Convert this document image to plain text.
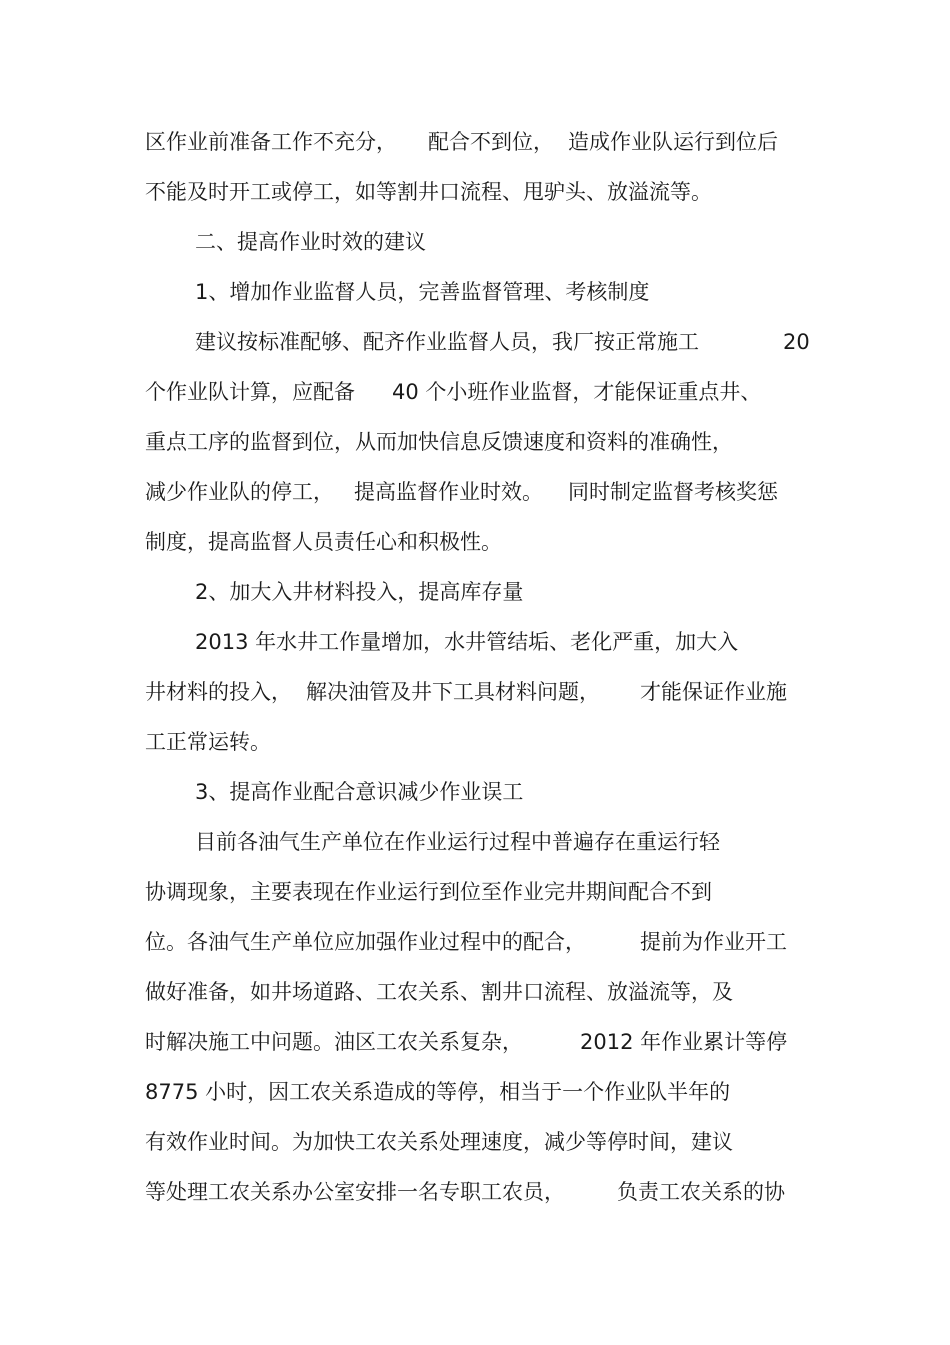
区作业前准备工作不充分，

配合不到位，

造成作业队运行到位后

不能及时开工或停工，如等割井口流程、甩驴头、放溢流等。

二、提高作业时效的建议

1、增加作业监督人员，完善监督管理、考核制度

建议按标准配够、配齐作业监督人员，我厂按正常施工

	20

个作业队计算，应配备

40 个小班作业监督，才能保证重点井、

重点工序的监督到位，从而加快信息反馈速度和资料的准确性，

减少作业队的停工，

提高监督作业时效。

同时制定监督考核奖惩

制度，提高监督人员责任心和积极性。

2、加大入井材料投入，提高库存量

2013 年水井工作量增加，水井管结垢、老化严重，加大入

井材料的投入，

解决油管及井下工具材料问题，

才能保证作业施

工正常运转。

3、提高作业配合意识减少作业误工

目前各油气生产单位在作业运行过程中普遍存在重运行轻

协调现象，主要表现在作业运行到位至作业完井期间配合不到

位。各油气生产单位应加强作业过程中的配合，

	提前为作业开工

做好准备，如井场道路、工农关系、割井口流程、放溢流等，及

时解决施工中问题。油区工农关系复杂，

	2012 年作业累计等停

8775 小时，因工农关系造成的等停，相当于一个作业队半年的

有效作业时间。为加快工农关系处理速度，减少等停时间，建议

等处理工农关系办公室安排一名专职工农员，

负责工农关系的协
